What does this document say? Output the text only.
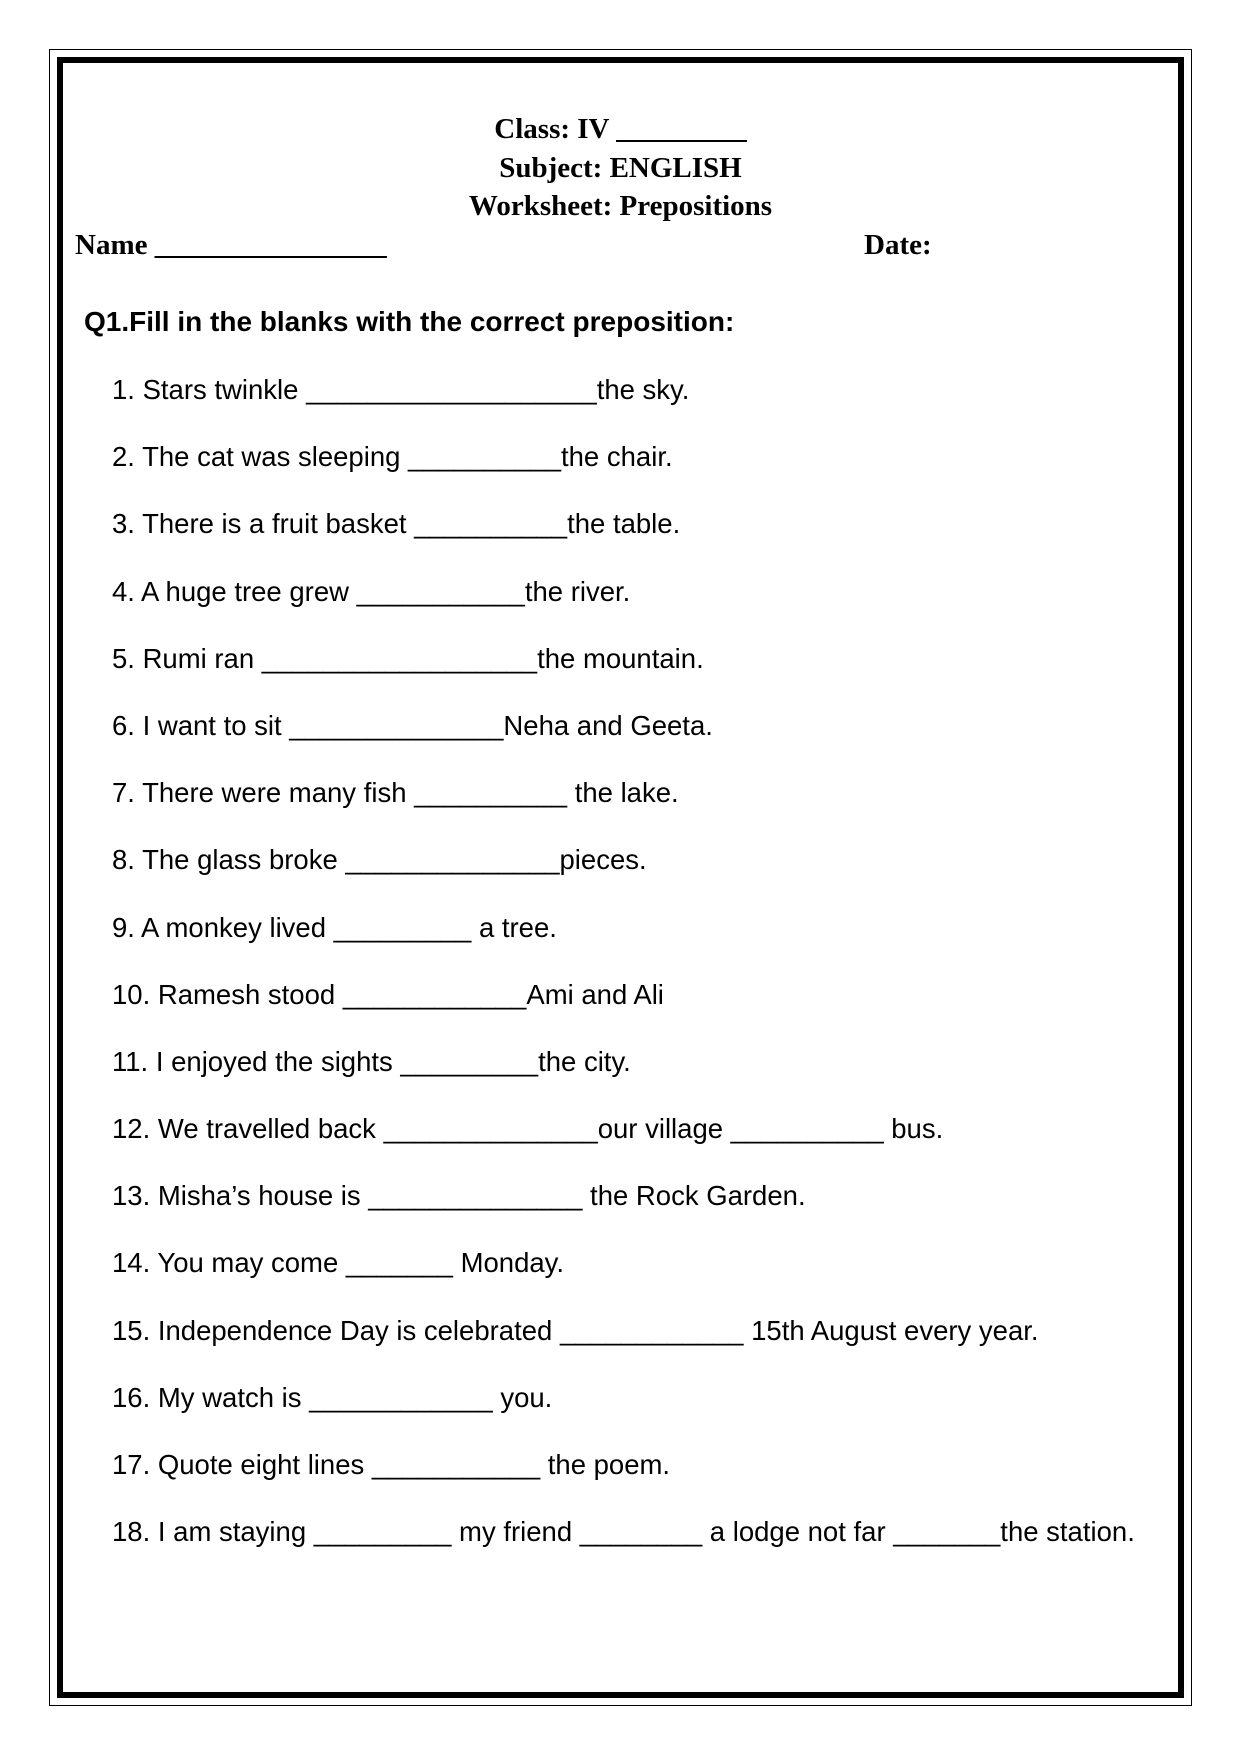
Class: IV _________
Subject: ENGLISH
Worksheet: Prepositions
Name ________________	Date:
Q1.Fill in the blanks with the correct preposition:
1. Stars twinkle ___________________the sky.
2. The cat was sleeping __________the chair.
3. There is a fruit basket __________the table.
4. A huge tree grew ___________the river.
5. Rumi ran __________________the mountain.
6. I want to sit ______________Neha and Geeta.
7. There were many fish __________ the lake.
8. The glass broke ______________pieces.
9. A monkey lived _________ a tree.
10. Ramesh stood ____________Ami and Ali
11. I enjoyed the sights _________the city.
12. We travelled back ______________our village __________ bus.
13. Misha’s house is ______________ the Rock Garden.
14. You may come _______ Monday.
15. Independence Day is celebrated ____________ 15th August every year.
16. My watch is ____________ you.
17. Quote eight lines ___________ the poem.
18. I am staying _________ my friend ________ a lodge not far _______the station.
